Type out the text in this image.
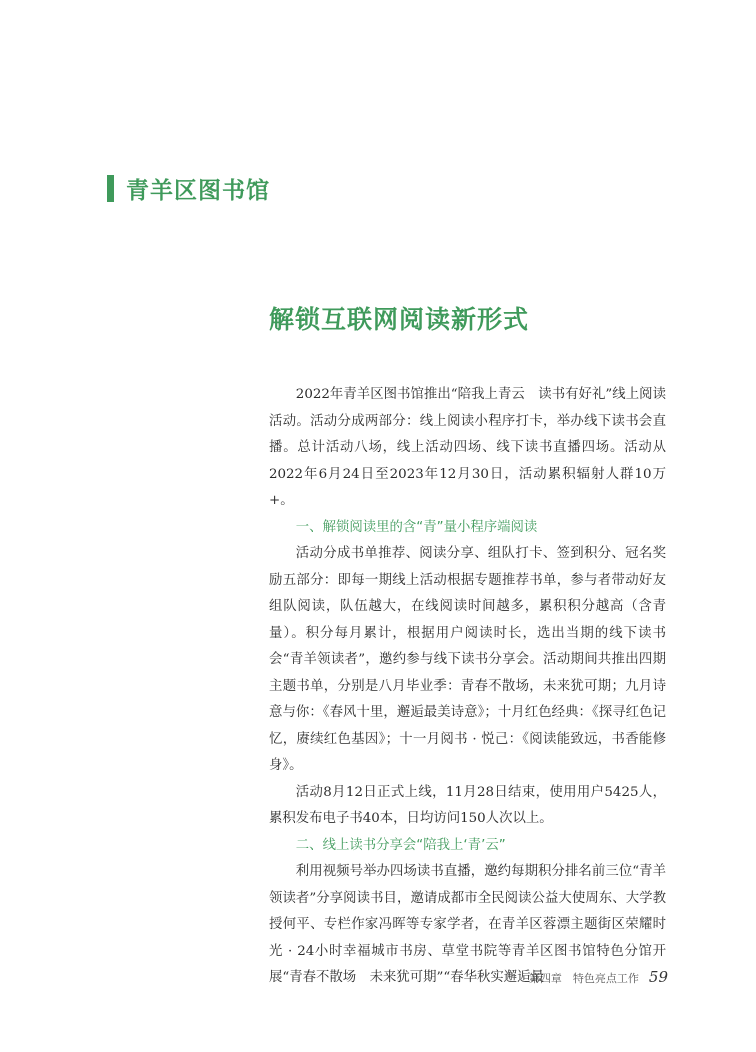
青羊区图书馆
解锁互联网阅读新形式

2022年青羊区图书馆推出“陪我上青云　读书有好礼”线上阅读活动。活动分成两部分：线上阅读小程序打卡，举办线下读书会直播。总计活动八场，线上活动四场、线下读书直播四场。活动从2022年6月24日至2023年12月30日，活动累积辐射人群10万+。

一、解锁阅读里的含“青”量小程序端阅读

活动分成书单推荐、阅读分享、组队打卡、签到积分、冠名奖励五部分：即每一期线上活动根据专题推荐书单，参与者带动好友组队阅读，队伍越大，在线阅读时间越多，累积积分越高（含青量）。积分每月累计，根据用户阅读时长，选出当期的线下读书会“青羊领读者”，邀约参与线下读书分享会。活动期间共推出四期主题书单，分别是八月毕业季：青春不散场，未来犹可期；九月诗意与你：《春风十里，邂逅最美诗意》；十月红色经典：《探寻红色记忆，赓续红色基因》；十一月阅书 · 悦己：《阅读能致远，书香能修身》。

活动8月12日正式上线，11月28日结束，使用用户5425人，累积发布电子书40本，日均访问150人次以上。

二、线上读书分享会“陪我上‘青’云”

利用视频号举办四场读书直播，邀约每期积分排名前三位“青羊领读者”分享阅读书目，邀请成都市全民阅读公益大使周东、大学教授何平、专栏作家冯晖等专家学者，在青羊区蓉漂主题街区荣耀时光 · 24小时幸福城市书房、草堂书院等青羊区图书馆特色分馆开展“青春不散场　未来犹可期”“春华秋实邂逅最

第四章　特色亮点工作 59
